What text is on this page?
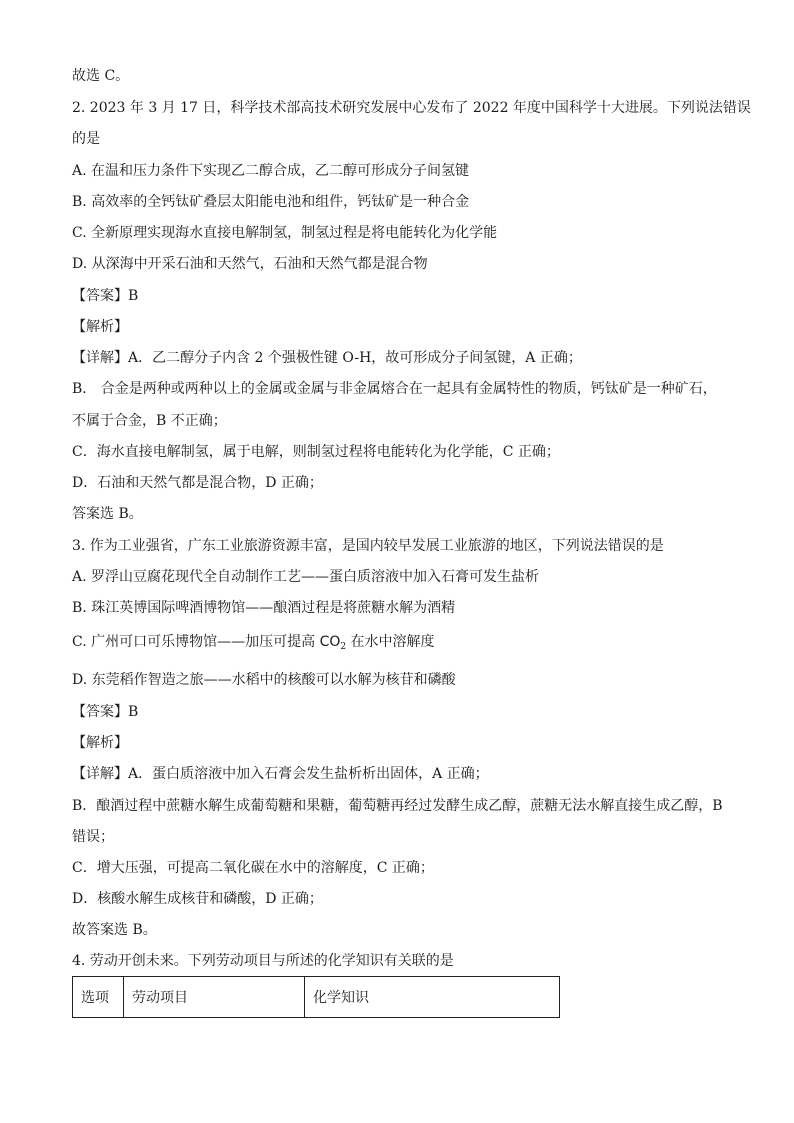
故选 C。
2. 2023 年 3 月 17 日，科学技术部高技术研究发展中心发布了 2022 年度中国科学十大进展。下列说法错误
的是
A. 在温和压力条件下实现乙二醇合成，乙二醇可形成分子间氢键
B. 高效率的全钙钛矿叠层太阳能电池和组件，钙钛矿是一种合金
C. 全新原理实现海水直接电解制氢，制氢过程是将电能转化为化学能
D. 从深海中开采石油和天然气，石油和天然气都是混合物
【答案】B
【解析】
【详解】A．乙二醇分子内含 2 个强极性键 O-H，故可形成分子间氢键，A 正确；
B． 合金是两种或两种以上的金属或金属与非金属熔合在一起具有金属特性的物质，钙钛矿是一种矿石，
不属于合金，B 不正确；
C．海水直接电解制氢，属于电解，则制氢过程将电能转化为化学能，C 正确；
D．石油和天然气都是混合物，D 正确；
答案选 B。
3. 作为工业强省，广东工业旅游资源丰富，是国内较早发展工业旅游的地区，下列说法错误的是
A. 罗浮山豆腐花现代全自动制作工艺——蛋白质溶液中加入石膏可发生盐析
B. 珠江英博国际啤酒博物馆——酿酒过程是将蔗糖水解为酒精
C. 广州可口可乐博物馆——加压可提高 $CO_2$ 在水中溶解度
D. 东莞稻作智造之旅——水稻中的核酸可以水解为核苷和磷酸
【答案】B
【解析】
【详解】A．蛋白质溶液中加入石膏会发生盐析析出固体，A 正确；
B．酿酒过程中蔗糖水解生成葡萄糖和果糖，葡萄糖再经过发酵生成乙醇，蔗糖无法水解直接生成乙醇，B
错误；
C．增大压强，可提高二氧化碳在水中的溶解度，C 正确；
D．核酸水解生成核苷和磷酸，D 正确；
故答案选 B。
4. 劳动开创未来。下列劳动项目与所述的化学知识有关联的是
选项	劳动项目	化学知识
